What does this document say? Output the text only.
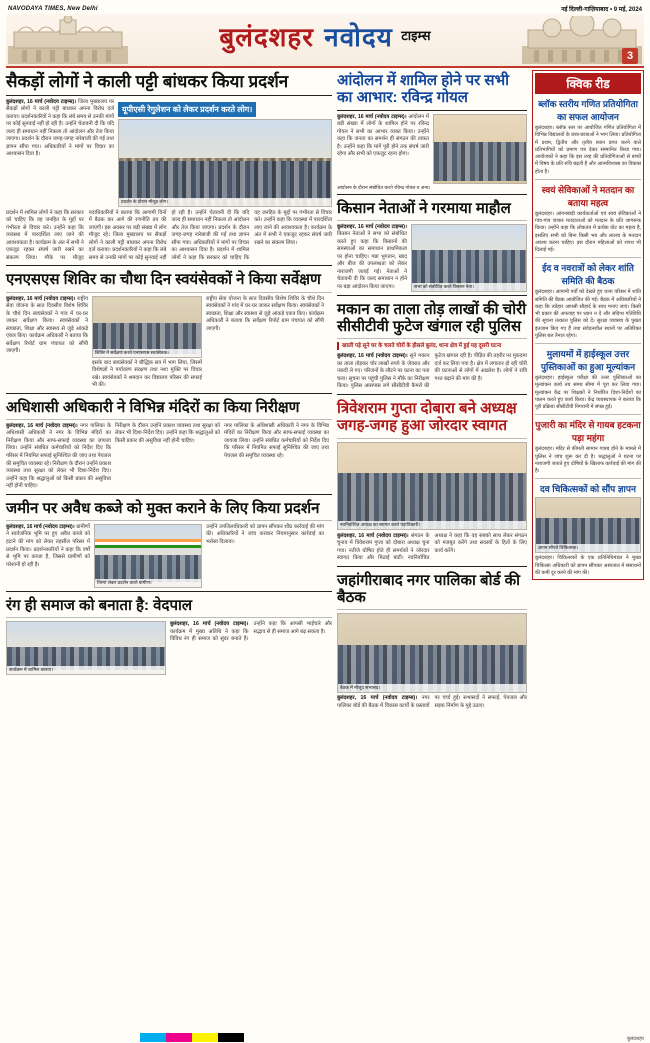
NAVODAYA TIMES, New Delhi	नई दिल्ली-गाज़ियाबाद • 9 मई, 2024
बुलंदशहर नवोदय टाइम्स
3
सैकड़ों लोगों ने काली पट्टी बांधकर किया प्रदर्शन
बुलंदशहर, 16 मार्च (नवोदय टाइम्स)। जिला मुख्यालय पर सैकड़ों लोगों ने काली पट्टी बांधकर अपना विरोध दर्ज कराया। प्रदर्शनकारियों ने कहा कि लंबे समय से उनकी मांगों पर कोई सुनवाई नहीं हो रही है। उन्होंने चेतावनी दी कि यदि जल्द ही समाधान नहीं निकला तो आंदोलन और तेज किया जाएगा। प्रदर्शन के दौरान जगह-जगह नारेबाजी की गई तथा ज्ञापन सौंपा गया। अधिकारियों ने मांगों पर विचार का आश्वासन दिया है।
यूपीएसी रेगुलेशन को लेकर प्रदर्शन करते लोग।
प्रदर्शन के दौरान मौजूद लोग।
प्रदर्शन में शामिल लोगों ने कहा कि सरकार को चाहिए कि वह जनहित के मुद्दों पर गंभीरता से विचार करे। उन्होंने कहा कि व्यवस्था में पारदर्शिता लाए जाने की आवश्यकता है। कार्यक्रम के अंत में सभी ने एकजुट रहकर संघर्ष जारी रखने का संकल्प लिया। मौके पर मौजूद पदाधिकारियों ने बताया कि आगामी दिनों में बैठक कर आगे की रणनीति तय की जाएगी। इस अवसर पर बड़ी संख्या में लोग मौजूद रहे। जिला मुख्यालय पर सैकड़ों लोगों ने काली पट्टी बांधकर अपना विरोध दर्ज कराया। प्रदर्शनकारियों ने कहा कि लंबे समय से उनकी मांगों पर कोई सुनवाई नहीं हो रही है। उन्होंने चेतावनी दी कि यदि जल्द ही समाधान नहीं निकला तो आंदोलन और तेज किया जाएगा। प्रदर्शन के दौरान जगह-जगह नारेबाजी की गई तथा ज्ञापन सौंपा गया। अधिकारियों ने मांगों पर विचार का आश्वासन दिया है। प्रदर्शन में शामिल लोगों ने कहा कि सरकार को चाहिए कि वह जनहित के मुद्दों पर गंभीरता से विचार करे। उन्होंने कहा कि व्यवस्था में पारदर्शिता लाए जाने की आवश्यकता है। कार्यक्रम के अंत में सभी ने एकजुट रहकर संघर्ष जारी रखने का संकल्प लिया।
एनएसएस शिविर का चौथा दिन स्वयंसेवकों ने किया सर्वेक्षण
बुलंदशहर, 16 मार्च (नवोदय टाइम्स)। राष्ट्रीय सेवा योजना के सात दिवसीय विशेष शिविर के चौथे दिन स्वयंसेवकों ने गांव में घर-घर जाकर सर्वेक्षण किया। स्वयंसेवकों ने स्वच्छता, शिक्षा और स्वास्थ्य से जुड़े आंकड़े एकत्र किए। कार्यक्रम अधिकारी ने बताया कि सर्वेक्षण रिपोर्ट ग्राम पंचायत को सौंपी जाएगी।	शिविर में सर्वेक्षण करते एनएसएस स्वयंसेवक।
इसके बाद स्वयंसेवकों ने बौद्धिक सत्र में भाग लिया, जिसमें विशेषज्ञों ने पर्यावरण संरक्षण तथा नशा मुक्ति पर विचार रखे। स्वयंसेवकों ने श्रमदान कर विद्यालय परिसर की सफाई भी की।
राष्ट्रीय सेवा योजना के सात दिवसीय विशेष शिविर के चौथे दिन स्वयंसेवकों ने गांव में घर-घर जाकर सर्वेक्षण किया। स्वयंसेवकों ने स्वच्छता, शिक्षा और स्वास्थ्य से जुड़े आंकड़े एकत्र किए। कार्यक्रम अधिकारी ने बताया कि सर्वेक्षण रिपोर्ट ग्राम पंचायत को सौंपी जाएगी।
अधिशासी अधिकारी ने विभिन्न मंदिरों का किया निरीक्षण
बुलंदशहर, 16 मार्च (नवोदय टाइम्स)। नगर पालिका के अधिशासी अधिकारी ने नगर के विभिन्न मंदिरों का निरीक्षण किया और साफ-सफाई व्यवस्था का जायजा लिया। उन्होंने संबंधित कर्मचारियों को निर्देश दिए कि परिसर में नियमित सफाई सुनिश्चित की जाए तथा पेयजल की समुचित व्यवस्था रहे। निरीक्षण के दौरान उन्होंने प्रकाश व्यवस्था तथा सुरक्षा को लेकर भी दिशा-निर्देश दिए। उन्होंने कहा कि श्रद्धालुओं को किसी प्रकार की असुविधा नहीं होनी चाहिए।
निरीक्षण के दौरान उन्होंने प्रकाश व्यवस्था तथा सुरक्षा को लेकर भी दिशा-निर्देश दिए। उन्होंने कहा कि श्रद्धालुओं को किसी प्रकार की असुविधा नहीं होनी चाहिए।
नगर पालिका के अधिशासी अधिकारी ने नगर के विभिन्न मंदिरों का निरीक्षण किया और साफ-सफाई व्यवस्था का जायजा लिया। उन्होंने संबंधित कर्मचारियों को निर्देश दिए कि परिसर में नियमित सफाई सुनिश्चित की जाए तथा पेयजल की समुचित व्यवस्था रहे।
जमीन पर अवैध कब्जे को मुक्त कराने के लिए किया प्रदर्शन
बुलंदशहर, 16 मार्च (नवोदय टाइम्स)। ग्रामीणों ने सार्वजनिक भूमि पर हुए अवैध कब्जे को हटाने की मांग को लेकर तहसील परिसर में प्रदर्शन किया। प्रदर्शनकारियों ने कहा कि वर्षों से भूमि पर कब्जा है, जिससे ग्रामीणों को परेशानी हो रही है।
तिरंगा लेकर प्रदर्शन करते ग्रामीण।
उन्होंने उपजिलाधिकारी को ज्ञापन सौंपकर शीघ्र कार्रवाई की मांग की। अधिकारियों ने जांच कराकर नियमानुसार कार्रवाई का भरोसा दिलाया।
रंग ही समाज को बनाता है: वेदपाल
कार्यक्रम में शामिल छात्राएं।
बुलंदशहर, 16 मार्च (नवोदय टाइम्स)। कार्यक्रम में मुख्य अतिथि ने कहा कि विविध रंग ही समाज को सुंदर बनाते हैं। उन्होंने कहा कि आपसी भाईचारे और सद्भाव से ही समाज आगे बढ़ सकता है।
आंदोलन में शामिल होने पर सभी का आभार: रविन्द्र गोयल
बुलंदशहर, 16 मार्च (नवोदय टाइम्स)। आंदोलन में बड़ी संख्या में लोगों के शामिल होने पर रविन्द्र गोयल ने सभी का आभार व्यक्त किया। उन्होंने कहा कि जनता का समर्थन ही संगठन की ताकत है। उन्होंने कहा कि मांगें पूरी होने तक संघर्ष जारी रहेगा और सभी को एकजुट रहना होगा।
आंदोलन के दौरान संबोधित करते रविन्द्र गोयल व अन्य।
किसान नेताओं ने गरमाया माहौल
बुलंदशहर, 16 मार्च (नवोदय टाइम्स)। किसान नेताओं ने सभा को संबोधित करते हुए कहा कि किसानों की समस्याओं का समाधान प्राथमिकता पर होना चाहिए। गन्ना भुगतान, खाद और बीज की उपलब्धता को लेकर नाराजगी जताई गई। नेताओं ने चेतावनी दी कि जल्द समाधान न होने पर बड़ा आंदोलन किया जाएगा।	सभा को संबोधित करते किसान नेता।
मकान का ताला तोड़ लाखों की चोरी सीसीटीवी फुटेज खंगाल रही पुलिस
खाली पड़े सूने घर के चलते चोरों के हौसले बुलंद, थाना क्षेत्र में हुई यह दूसरी घटना
बुलंदशहर, 16 मार्च (नवोदय टाइम्स)। सूने मकान का ताला तोड़कर चोर लाखों रुपये के जेवरात और नकदी ले गए। परिजनों के लौटने पर घटना का पता चला। सूचना पर पहुंची पुलिस ने मौके का निरीक्षण किया। पुलिस आसपास लगे सीसीटीवी कैमरों की फुटेज खंगाल रही है। पीड़ित की तहरीर पर मुकदमा दर्ज कर लिया गया है। क्षेत्र में लगातार हो रही चोरी की घटनाओं से लोगों में आक्रोश है। लोगों ने रात्रि गश्त बढ़ाने की मांग की है।
त्रिवेशराम गुप्ता दोबारा बने अध्यक्ष जगह-जगह हुआ जोरदार स्वागत
नवनिर्वाचित अध्यक्ष का स्वागत करते पदाधिकारी।
बुलंदशहर, 16 मार्च (नवोदय टाइम्स)। संगठन के चुनाव में त्रिवेशराम गुप्ता को दोबारा अध्यक्ष चुना गया। नतीजे घोषित होते ही समर्थकों ने जोरदार स्वागत किया और मिठाई बांटी। नवनिर्वाचित अध्यक्ष ने कहा कि वह सबको साथ लेकर संगठन को मजबूत करेंगे तथा सदस्यों के हितों के लिए कार्य करेंगे।
जहांगीराबाद नगर पालिका बोर्ड की बैठक
बैठक में मौजूद सभासद।
बुलंदशहर, 16 मार्च (नवोदय टाइम्स)। नगर पालिका बोर्ड की बैठक में विकास कार्यों के प्रस्तावों पर चर्चा हुई। सभासदों ने सफाई, पेयजल और सड़क निर्माण के मुद्दे उठाए।
क्विक रीड
ब्लॉक स्तरीय गणित प्रतियोगिता का सफल आयोजन
बुलंदशहर। ब्लॉक स्तर पर आयोजित गणित प्रतियोगिता में विभिन्न विद्यालयों के छात्र-छात्राओं ने भाग लिया। प्रतियोगिता में प्रथम, द्वितीय और तृतीय स्थान प्राप्त करने वाले प्रतिभागियों को प्रमाण पत्र देकर सम्मानित किया गया। आयोजकों ने कहा कि इस तरह की प्रतियोगिताओं से बच्चों में विषय के प्रति रुचि बढ़ती है और आत्मविश्वास का विकास होता है।
स्वयं सेविकाओं ने मतदान का बताया महत्व
बुलंदशहर। आंगनबाड़ी कार्यकर्ताओं एवं स्वयं सेविकाओं ने गांव-गांव जाकर मतदाताओं को मतदान के प्रति जागरूक किया। उन्होंने कहा कि लोकतंत्र में प्रत्येक वोट का महत्व है, इसलिए सभी को बिना किसी भय और लालच के मतदान अवश्य करना चाहिए। इस दौरान महिलाओं को शपथ भी दिलाई गई।
ईद व नवरात्रों को लेकर शांति समिति की बैठक
बुलंदशहर। आगामी पर्वों को देखते हुए थाना परिसर में शांति समिति की बैठक आयोजित की गई। बैठक में अधिकारियों ने कहा कि त्योहार आपसी सौहार्द के साथ मनाए जाएं। किसी भी प्रकार की अफवाह पर ध्यान न दें और संदिग्ध गतिविधि की सूचना तत्काल पुलिस को दें। सुरक्षा व्यवस्था के पुख्ता इंतजाम किए गए हैं तथा संवेदनशील स्थानों पर अतिरिक्त पुलिस बल तैनात रहेगा।
मुलायमों में हाईस्कूल उत्तर पुस्तिकाओं का हुआ मूल्यांकन
बुलंदशहर। हाईस्कूल परीक्षा की उत्तर पुस्तिकाओं का मूल्यांकन कार्य तय समय सीमा में पूरा कर लिया गया। मूल्यांकन केंद्र पर शिक्षकों ने निर्धारित दिशा-निर्देशों का पालन करते हुए कार्य किया। केंद्र व्यवस्थापक ने बताया कि पूरी प्रक्रिया सीसीटीवी निगरानी में संपन्न हुई।
पुजारी का मंदिर से गायब हटकना पड़ा महंगा
बुलंदशहर। मंदिर से कीमती सामान गायब होने के मामले में पुलिस ने जांच शुरू कर दी है। श्रद्धालुओं ने घटना पर नाराजगी जताते हुए दोषियों के खिलाफ कार्रवाई की मांग की है।
दव चिकित्सकों को सौंप ज्ञापन
ज्ञापन सौंपते चिकित्सक।
बुलंदशहर। चिकित्सकों के एक प्रतिनिधिमंडल ने मुख्य चिकित्सा अधिकारी को ज्ञापन सौंपकर अस्पताल में संसाधनों की कमी दूर करने की मांग की।
बुलंदशहर
